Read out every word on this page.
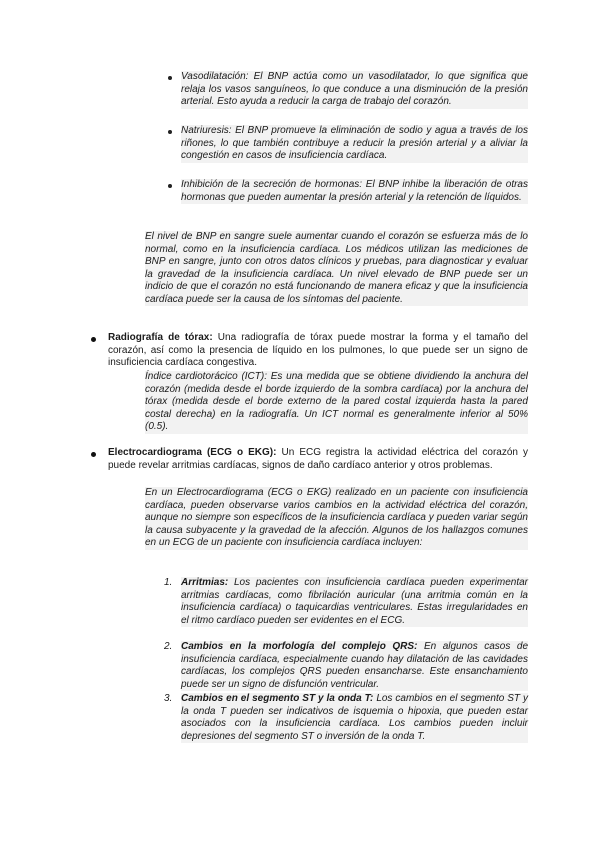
Vasodilatación: El BNP actúa como un vasodilatador, lo que significa que relaja los vasos sanguíneos, lo que conduce a una disminución de la presión arterial. Esto ayuda a reducir la carga de trabajo del corazón.

Natriuresis: El BNP promueve la eliminación de sodio y agua a través de los riñones, lo que también contribuye a reducir la presión arterial y a aliviar la congestión en casos de insuficiencia cardíaca.

Inhibición de la secreción de hormonas: El BNP inhibe la liberación de otras hormonas que pueden aumentar la presión arterial y la retención de líquidos.

El nivel de BNP en sangre suele aumentar cuando el corazón se esfuerza más de lo normal, como en la insuficiencia cardíaca. Los médicos utilizan las mediciones de BNP en sangre, junto con otros datos clínicos y pruebas, para diagnosticar y evaluar la gravedad de la insuficiencia cardíaca. Un nivel elevado de BNP puede ser un indicio de que el corazón no está funcionando de manera eficaz y que la insuficiencia cardíaca puede ser la causa de los síntomas del paciente.

Radiografía de tórax: Una radiografía de tórax puede mostrar la forma y el tamaño del corazón, así como la presencia de líquido en los pulmones, lo que puede ser un signo de insuficiencia cardíaca congestiva.

Índice cardiotorácico (ICT): Es una medida que se obtiene dividiendo la anchura del corazón (medida desde el borde izquierdo de la sombra cardíaca) por la anchura del tórax (medida desde el borde externo de la pared costal izquierda hasta la pared costal derecha) en la radiografía. Un ICT normal es generalmente inferior al 50% (0.5).

Electrocardiograma (ECG o EKG): Un ECG registra la actividad eléctrica del corazón y puede revelar arritmias cardíacas, signos de daño cardíaco anterior y otros problemas.

En un Electrocardiograma (ECG o EKG) realizado en un paciente con insuficiencia cardíaca, pueden observarse varios cambios en la actividad eléctrica del corazón, aunque no siempre son específicos de la insuficiencia cardíaca y pueden variar según la causa subyacente y la gravedad de la afección. Algunos de los hallazgos comunes en un ECG de un paciente con insuficiencia cardíaca incluyen:

1. Arritmias: Los pacientes con insuficiencia cardíaca pueden experimentar arritmias cardíacas, como fibrilación auricular (una arritmia común en la insuficiencia cardíaca) o taquicardias ventriculares. Estas irregularidades en el ritmo cardíaco pueden ser evidentes en el ECG.

2. Cambios en la morfología del complejo QRS: En algunos casos de insuficiencia cardíaca, especialmente cuando hay dilatación de las cavidades cardíacas, los complejos QRS pueden ensancharse. Este ensanchamiento puede ser un signo de disfunción ventricular.

3. Cambios en el segmento ST y la onda T: Los cambios en el segmento ST y la onda T pueden ser indicativos de isquemia o hipoxia, que pueden estar asociados con la insuficiencia cardíaca. Los cambios pueden incluir depresiones del segmento ST o inversión de la onda T.
